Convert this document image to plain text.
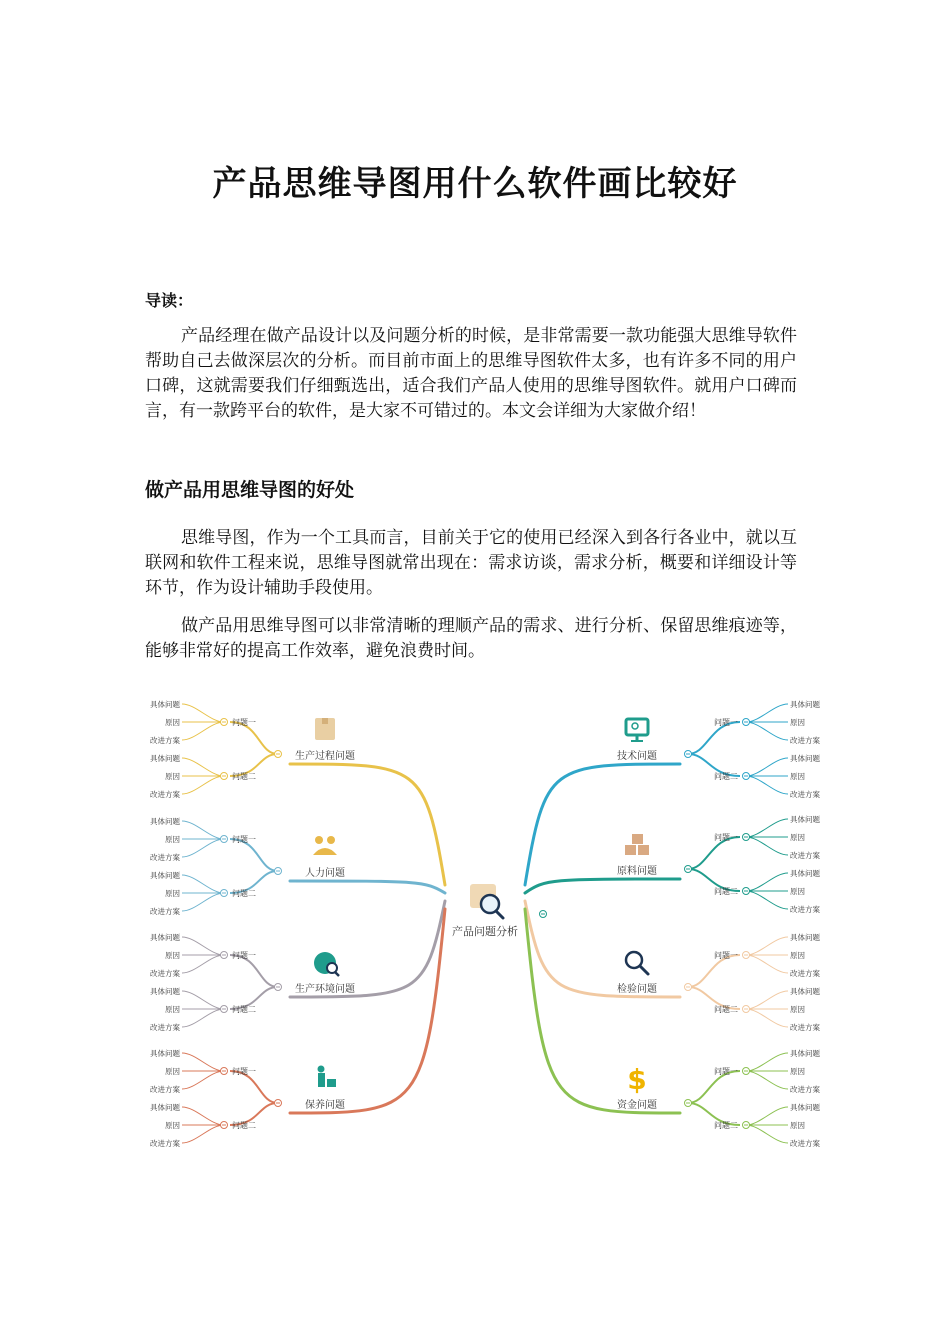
产品思维导图用什么软件画比较好
导读：

产品经理在做产品设计以及问题分析的时候，是非常需要一款功能强大思维导软件帮助自己去做深层次的分析。而目前市面上的思维导图软件太多，也有许多不同的用户口碑，这就需要我们仔细甄选出，适合我们产品人使用的思维导图软件。就用户口碑而言，有一款跨平台的软件，是大家不可错过的。本文会详细为大家做介绍！

做产品用思维导图的好处

思维导图，作为一个工具而言，目前关于它的使用已经深入到各行各业中，就以互联网和软件工程来说，思维导图就常出现在：需求访谈，需求分析，概要和详细设计等环节，作为设计辅助手段使用。

做产品用思维导图可以非常清晰的理顺产品的需求、进行分析、保留思维痕迹等，能够非常好的提高工作效率，避免浪费时间。

产品问题分析
生产过程问题
问题一
具体问题
原因
改进方案
问题二
具体问题
原因
改进方案
人力问题
问题一
具体问题
原因
改进方案
问题二
具体问题
原因
改进方案
生产环境问题
问题一
具体问题
原因
改进方案
问题二
具体问题
原因
改进方案
保养问题
问题一
具体问题
原因
改进方案
问题二
具体问题
原因
改进方案
技术问题
问题一
具体问题
原因
改进方案
问题二
具体问题
原因
改进方案
原料问题
问题一
具体问题
原因
改进方案
问题二
具体问题
原因
改进方案
检验问题
问题一
具体问题
原因
改进方案
问题二
具体问题
原因
改进方案
$
资金问题
问题一
具体问题
原因
改进方案
问题二
具体问题
原因
改进方案
